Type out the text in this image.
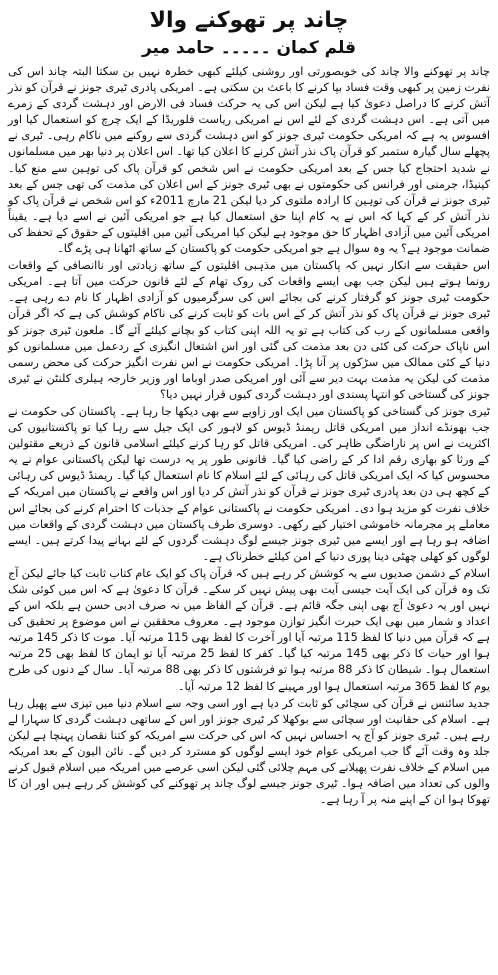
چاند پر تھوکنے والا
قلم کمان ۔۔۔۔۔ حامد میر

چاند پر تھوکنے والا چاند کی خوبصورتی اور روشنی کیلئے کبھی خطرہ نہیں بن سکتا البتہ چاند اس کی نفرت زمین پر کبھی وقت فساد بپا کرنے کا باعث بن سکتی ہے۔ امریکی پادری ٹیری جونز نے قرآن کو نذر آتش کرنے کا دراصل دعویٰ کیا ہے لیکن اس کی یہ حرکت فساد فی الارض اور دہشت گردی کے زمرے میں آتی ہے۔ اس دہشت گردی کے لئے اس نے امریکی ریاست فلوریڈا کے ایک چرچ کو استعمال کیا اور افسوس یہ ہے کہ امریکی حکومت ٹیری جونز کو اس دہشت گردی سے روکنے میں ناکام رہی۔ ٹیری نے پچھلے سال گیارہ ستمبر کو قرآن پاک نذر آتش کرنے کا اعلان کیا تھا۔ اس اعلان پر دنیا بھر میں مسلمانوں نے شدید احتجاج کیا جس کے بعد امریکی حکومت نے اس شخص کو قرآن پاک کی توہین سے منع کیا۔ کینیڈا، جرمنی اور فرانس کی حکومتوں نے بھی ٹیری جونز کے اس اعلان کی مذمت کی تھی جس کے بعد ٹیری جونز نے قرآن کی توہین کا ارادہ ملتوی کر دیا لیکن 21 مارچ 2011ء کو اس شخص نے قرآن پاک کو نذر آتش کر کے کہا کہ اس نے یہ کام اپنا حق استعمال کیا ہے جو امریکی آئین نے اسے دیا ہے۔ یقیناً امریکی آئین میں آزادی اظہار کا حق موجود ہے لیکن کیا امریکی آئین میں اقلیتوں کے حقوق کے تحفظ کی ضمانت موجود ہے؟ یہ وہ سوال ہے جو امریکی حکومت کو پاکستان کے ساتھ اٹھانا ہی پڑے گا۔

اس حقیقت سے انکار نہیں کہ پاکستان میں مذہبی اقلیتوں کے ساتھ زیادتی اور ناانصافی کے واقعات رونما ہوتے ہیں لیکن جب بھی ایسے واقعات کی روک تھام کے لئے قانون حرکت میں آتا ہے۔ امریکی حکومت ٹیری جونز کو گرفتار کرنے کی بجائے اس کی سرگرمیوں کو آزادی اظہار کا نام دے رہی ہے۔ ٹیری جونز نے قرآن پاک کو نذر آتش کر کے اس بات کو ثابت کرنے کی ناکام کوشش کی ہے کہ اگر قرآن واقعی مسلمانوں کے رب کی کتاب ہے تو یہ اللہ اپنی کتاب کو بچانے کیلئے آئے گا۔ ملعون ٹیری جونز کو اس ناپاک حرکت کی کئی دن بعد مذمت کی گئی اور اس اشتعال انگیزی کے ردعمل میں مسلمانوں کو دنیا کے کئی ممالک میں سڑکوں پر آنا پڑا۔ امریکی حکومت نے اس نفرت انگیز حرکت کی محض رسمی مذمت کی لیکن یہ مذمت بہت دیر سے آئی اور امریکی صدر اوباما اور وزیر خارجہ ہیلری کلنٹن نے ٹیری جونز کی گستاخی کو انتہا پسندی اور دہشت گردی کیوں قرار نہیں دیا؟

ٹیری جونز کی گستاخی کو پاکستان میں ایک اور زاویے سے بھی دیکھا جا رہا ہے۔ پاکستان کی حکومت نے جب بھونڈے انداز میں امریکی قاتل ریمنڈ ڈیوس کو لاہور کی ایک جیل سے رہا کیا تو پاکستانیوں کی اکثریت نے اس پر ناراضگی ظاہر کی۔ امریکی قاتل کو رہا کرنے کیلئے اسلامی قانون کے ذریعے مقتولین کے ورثا کو بھاری رقم ادا کر کے راضی کیا گیا۔ قانونی طور پر یہ درست تھا لیکن پاکستانی عوام نے یہ محسوس کیا کہ ایک امریکی قاتل کی رہائی کے لئے اسلام کا نام استعمال کیا گیا۔ ریمنڈ ڈیوس کی رہائی کے کچھ ہی دن بعد پادری ٹیری جونز نے قرآن کو نذر آتش کر دیا اور اس واقعے نے پاکستان میں امریکہ کے خلاف نفرت کو مزید ہوا دی۔ امریکی حکومت نے پاکستانی عوام کے جذبات کا احترام کرنے کی بجائے اس معاملے پر مجرمانہ خاموشی اختیار کیے رکھی۔ دوسری طرف پاکستان میں دہشت گردی کے واقعات میں اضافہ ہو رہا ہے اور ایسے میں ٹیری جونز جیسے لوگ دہشت گردوں کے لئے بہانے پیدا کرتے ہیں۔ ایسے لوگوں کو کھلی چھٹی دینا پوری دنیا کے امن کیلئے خطرناک ہے۔

اسلام کے دشمن صدیوں سے یہ کوشش کر رہے ہیں کہ قرآن پاک کو ایک عام کتاب ثابت کیا جائے لیکن آج تک وہ قرآن کی ایک آیت جیسی آیت بھی پیش نہیں کر سکے۔ قرآن کا دعویٰ ہے کہ اس میں کوئی شک نہیں اور یہ دعویٰ آج بھی اپنی جگہ قائم ہے۔ قرآن کے الفاظ میں نہ صرف ادبی حسن ہے بلکہ اس کے اعداد و شمار میں بھی ایک حیرت انگیز توازن موجود ہے۔ معروف محققین نے اس موضوع پر تحقیق کی ہے کہ قرآن میں دنیا کا لفظ 115 مرتبہ آیا اور آخرت کا لفظ بھی 115 مرتبہ آیا۔ موت کا ذکر 145 مرتبہ ہوا اور حیات کا ذکر بھی 145 مرتبہ کیا گیا۔ کفر کا لفظ 25 مرتبہ آیا تو ایمان کا لفظ بھی 25 مرتبہ استعمال ہوا۔ شیطان کا ذکر 88 مرتبہ ہوا تو فرشتوں کا ذکر بھی 88 مرتبہ آیا۔ سال کے دنوں کی طرح یوم کا لفظ 365 مرتبہ استعمال ہوا اور مہینے کا لفظ 12 مرتبہ آیا۔

جدید سائنس نے قرآن کی سچائی کو ثابت کر دیا ہے اور اسی وجہ سے اسلام دنیا میں تیزی سے پھیل رہا ہے۔ اسلام کی حقانیت اور سچائی سے بوکھلا کر ٹیری جونز اور اس کے ساتھی دہشت گردی کا سہارا لے رہے ہیں۔ ٹیری جونز کو آج یہ احساس نہیں کہ اس کی حرکت سے امریکہ کو کتنا نقصان پہنچا ہے لیکن جلد وہ وقت آئے گا جب امریکی عوام خود ایسے لوگوں کو مسترد کر دیں گے۔ نائن الیون کے بعد امریکہ میں اسلام کے خلاف نفرت پھیلانے کی مہم چلائی گئی لیکن اسی عرصے میں امریکہ میں اسلام قبول کرنے والوں کی تعداد میں اضافہ ہوا۔ ٹیری جونز جیسے لوگ چاند پر تھوکنے کی کوشش کر رہے ہیں اور ان کا تھوکا ہوا ان کے اپنے منہ پر آ رہا ہے۔
